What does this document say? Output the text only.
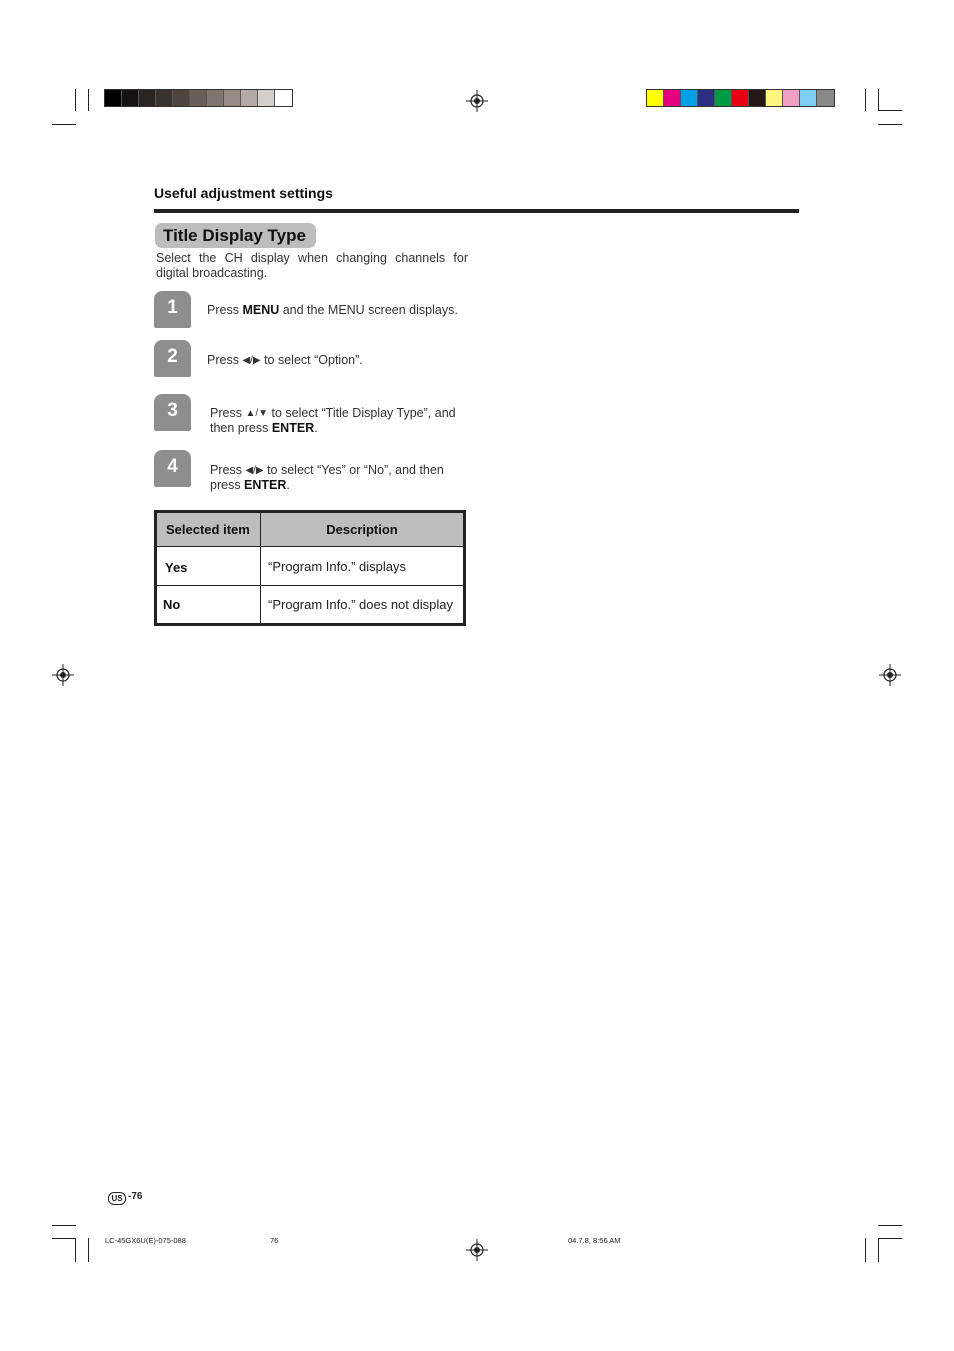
Useful adjustment settings
Title Display Type
Select the CH display when changing channels for digital broadcasting.
1	Press MENU and the MENU screen displays.
2	Press ◀/▶ to select “Option”.
3	Press ▲/▼ to select “Title Display Type”, and
then press ENTER.
4	Press ◀/▶ to select “Yes” or “No”, and then
press ENTER.
Selected item	Description
Yes	“Program Info.” displays
No	“Program Info.” does not display
US -76
LC-45GX6U(E)-075-088	76	04.7.8, 8:56 AM
